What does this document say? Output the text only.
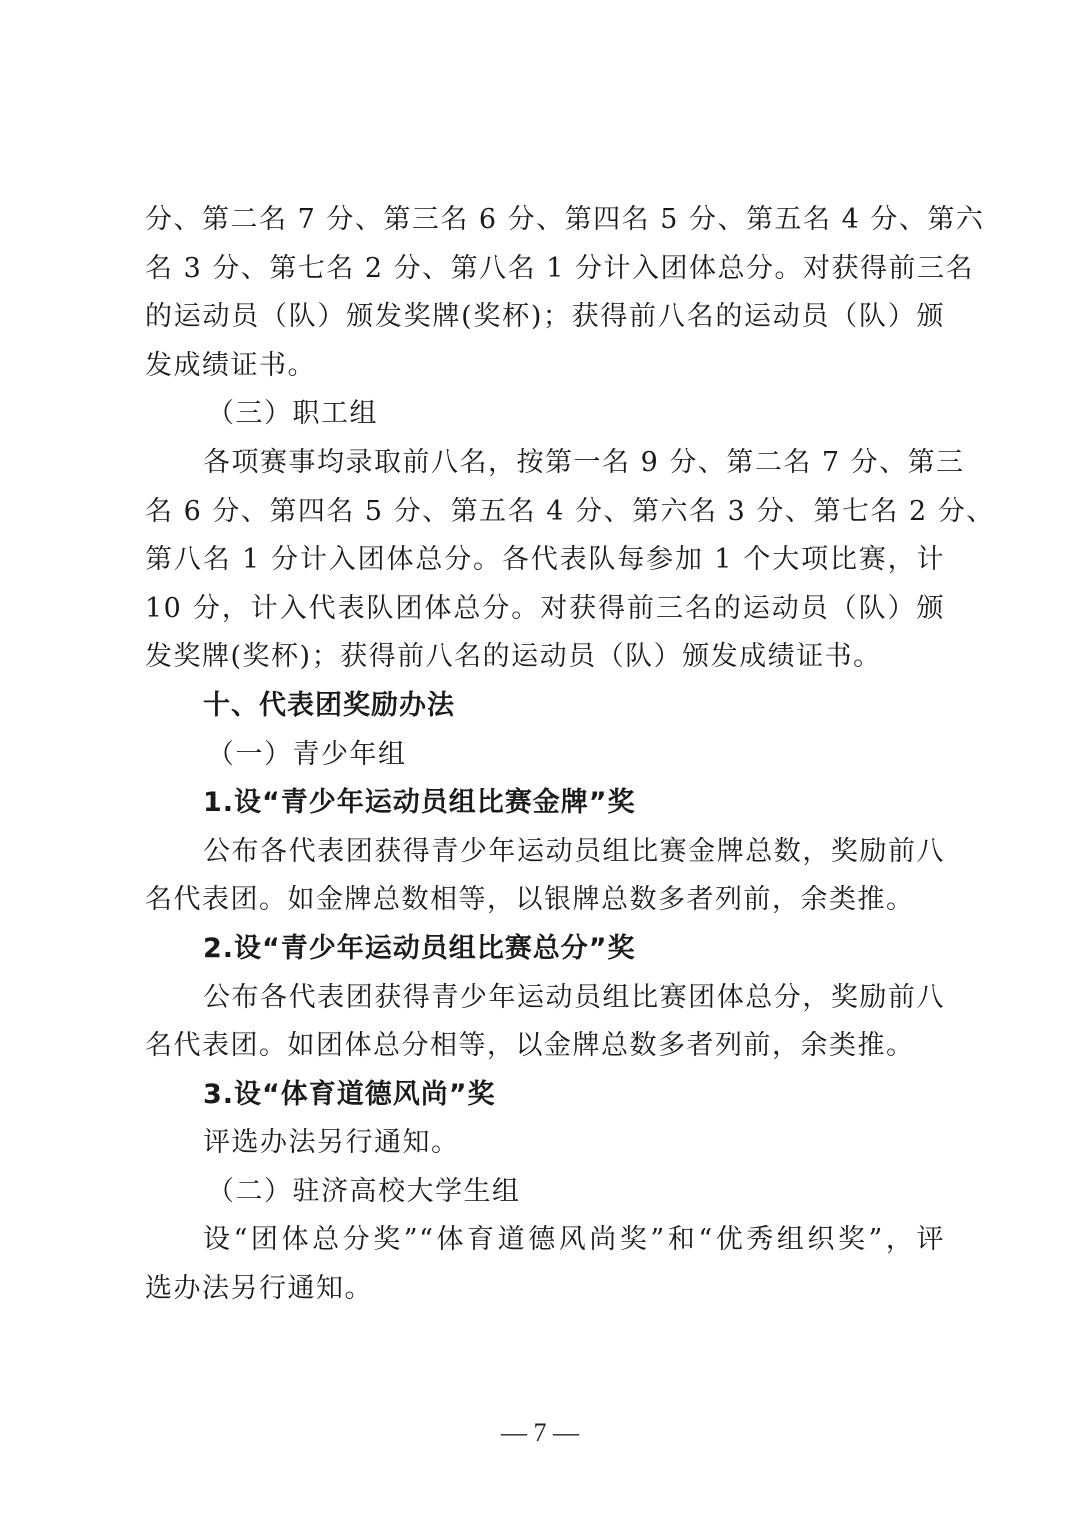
分、第二名 7 分、第三名 6 分、第四名 5 分、第五名 4 分、第六
名 3 分、第七名 2 分、第八名 1 分计入团体总分。对获得前三名
的运动员（队）颁发奖牌(奖杯)；获得前八名的运动员（队）颁
发成绩证书。
（三）职工组
各项赛事均录取前八名，按第一名 9 分、第二名 7 分、第三
名 6 分、第四名 5 分、第五名 4 分、第六名 3 分、第七名 2 分、
第八名 1 分计入团体总分。各代表队每参加 1 个大项比赛，计
10 分，计入代表队团体总分。对获得前三名的运动员（队）颁
发奖牌(奖杯)；获得前八名的运动员（队）颁发成绩证书。
十、代表团奖励办法
（一）青少年组
1.设“青少年运动员组比赛金牌”奖
公布各代表团获得青少年运动员组比赛金牌总数，奖励前八
名代表团。如金牌总数相等，以银牌总数多者列前，余类推。
2.设“青少年运动员组比赛总分”奖
公布各代表团获得青少年运动员组比赛团体总分，奖励前八
名代表团。如团体总分相等，以金牌总数多者列前，余类推。
3.设“体育道德风尚”奖
评选办法另行通知。
（二）驻济高校大学生组
设“团体总分奖”“体育道德风尚奖”和“优秀组织奖”，评
选办法另行通知。
— 7 —
